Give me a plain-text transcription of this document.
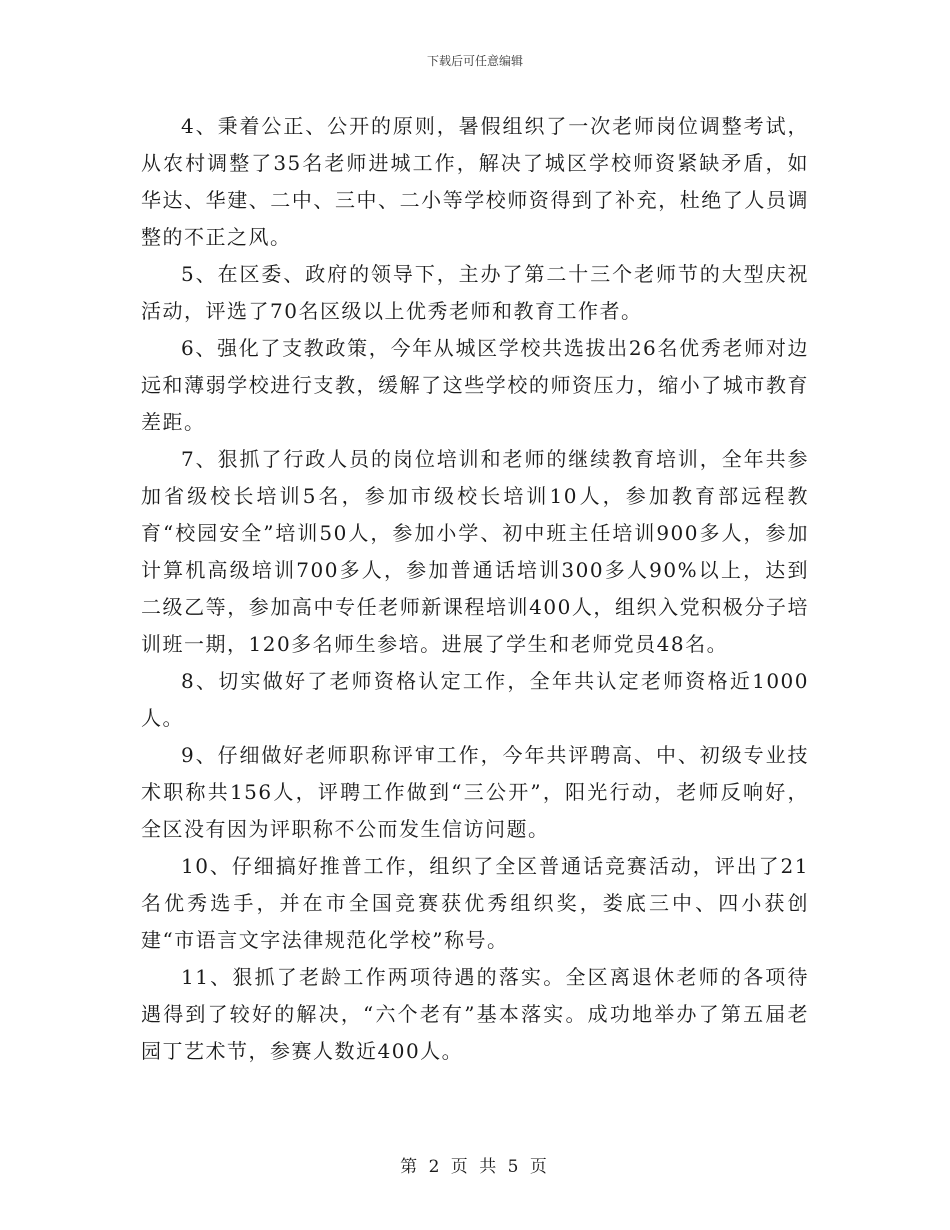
下载后可任意编辑

4、秉着公正、公开的原则，暑假组织了一次老师岗位调整考试，从农村调整了35名老师进城工作，解决了城区学校师资紧缺矛盾，如华达、华建、二中、三中、二小等学校师资得到了补充，杜绝了人员调整的不正之风。

5、在区委、政府的领导下，主办了第二十三个老师节的大型庆祝活动，评选了70名区级以上优秀老师和教育工作者。

6、强化了支教政策，今年从城区学校共选拔出26名优秀老师对边远和薄弱学校进行支教，缓解了这些学校的师资压力，缩小了城市教育差距。

7、狠抓了行政人员的岗位培训和老师的继续教育培训，全年共参加省级校长培训5名，参加市级校长培训10人，参加教育部远程教育“校园安全”培训50人，参加小学、初中班主任培训900多人，参加计算机高级培训700多人，参加普通话培训300多人90%以上，达到二级乙等，参加高中专任老师新课程培训400人，组织入党积极分子培训班一期，120多名师生参培。进展了学生和老师党员48名。

8、切实做好了老师资格认定工作，全年共认定老师资格近1000人。

9、仔细做好老师职称评审工作，今年共评聘高、中、初级专业技术职称共156人，评聘工作做到“三公开”，阳光行动，老师反响好，全区没有因为评职称不公而发生信访问题。

10、仔细搞好推普工作，组织了全区普通话竞赛活动，评出了21名优秀选手，并在市全国竞赛获优秀组织奖，娄底三中、四小获创建“市语言文字法律规范化学校”称号。

11、狠抓了老龄工作两项待遇的落实。全区离退休老师的各项待遇得到了较好的解决，“六个老有”基本落实。成功地举办了第五届老园丁艺术节，参赛人数近400人。

第 2 页 共 5 页
